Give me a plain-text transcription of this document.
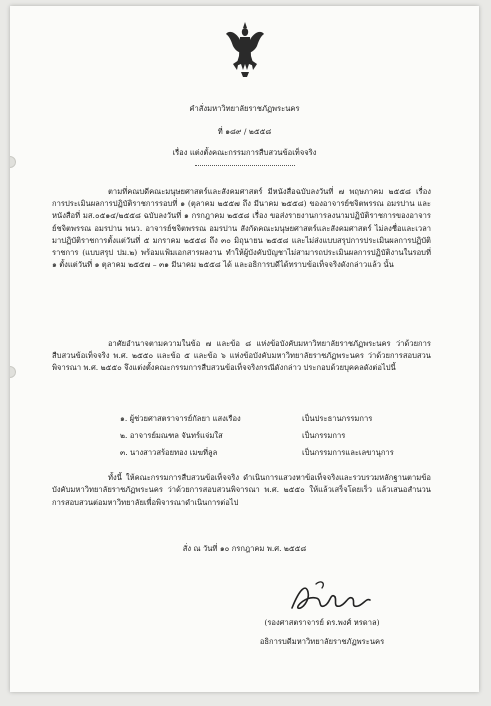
คำสั่งมหาวิทยาลัยราชภัฏพระนคร
ที่ ๑๘๙ / ๒๕๕๘
เรื่อง แต่งตั้งคณะกรรมการสืบสวนข้อเท็จจริง
ตามที่คณบดีคณะมนุษยศาสตร์และสังคมศาสตร์ มีหนังสือฉบับลงวันที่ ๗ พฤษภาคม ๒๕๕๘ เรื่อง การประเมินผลการปฏิบัติราชการรอบที่ ๑ (ตุลาคม ๒๕๕๗ ถึง มีนาคม ๒๕๕๘) ของอาจารย์ชจิตพรรณ อมรปาน และหนังสือที่ มส.๐๕๑๔/๒๕๕๘ ฉบับลงวันที่ ๑ กรกฎาคม ๒๕๕๘ เรื่อง ขอส่งรายงานการลงนามปฏิบัติราชการของอาจารย์ชจิตพรรณ อมรปาน พนว. อาจารย์ชจิตพรรณ อมรปาน สังกัดคณะมนุษยศาสตร์และสังคมศาสตร์ ไม่ลงชื่อและเวลามาปฏิบัติราชการตั้งแต่วันที่ ๕ มกราคม ๒๕๕๘ ถึง ๓๐ มิถุนายน ๒๕๕๘ และไม่ส่งแบบสรุปการประเมินผลการปฏิบัติราชการ (แบบสรุป ปม.๒) พร้อมแฟ้มเอกสารผลงาน ทำให้ผู้บังคับบัญชาไม่สามารถประเมินผลการปฏิบัติงานในรอบที่ ๑ ตั้งแต่วันที่ ๑ ตุลาคม ๒๕๕๗ – ๓๑ มีนาคม ๒๕๕๘ ได้ และอธิการบดีได้ทราบข้อเท็จจริงดังกล่าวแล้ว นั้น
อาศัยอำนาจตามความในข้อ ๗ และข้อ ๘ แห่งข้อบังคับมหาวิทยาลัยราชภัฏพระนคร ว่าด้วยการสืบสวนข้อเท็จจริง พ.ศ. ๒๕๕๐ และข้อ ๕ และข้อ ๖ แห่งข้อบังคับมหาวิทยาลัยราชภัฏพระนคร ว่าด้วยการสอบสวนพิจารณา พ.ศ. ๒๕๕๐ จึงแต่งตั้งคณะกรรมการสืบสวนข้อเท็จจริงกรณีดังกล่าว ประกอบด้วยบุคคลดังต่อไปนี้
๑. ผู้ช่วยศาสตราจารย์กัลยา แสงเรือง	เป็นประธานกรรมการ
๒. อาจารย์มณฑล จันทร์แจ่มใส	เป็นกรรมการ
๓. นางสาวสร้อยทอง เมฆที่ลูล	เป็นกรรมการและเลขานุการ
ทั้งนี้ ให้คณะกรรมการสืบสวนข้อเท็จจริง ดำเนินการแสวงหาข้อเท็จจริงและรวบรวมหลักฐานตามข้อบังคับมหาวิทยาลัยราชภัฏพระนคร ว่าด้วยการสอบสวนพิจารณา พ.ศ. ๒๕๕๐ ให้แล้วเสร็จโดยเร็ว แล้วเสนอสำนวนการสอบสวนต่อมหาวิทยาลัยเพื่อพิจารณาดำเนินการต่อไป
สั่ง ณ วันที่ ๑๐ กรกฎาคม พ.ศ. ๒๕๕๘
(รองศาสตราจารย์ ดร.พงศ์ หรดาล)
อธิการบดีมหาวิทยาลัยราชภัฏพระนคร
